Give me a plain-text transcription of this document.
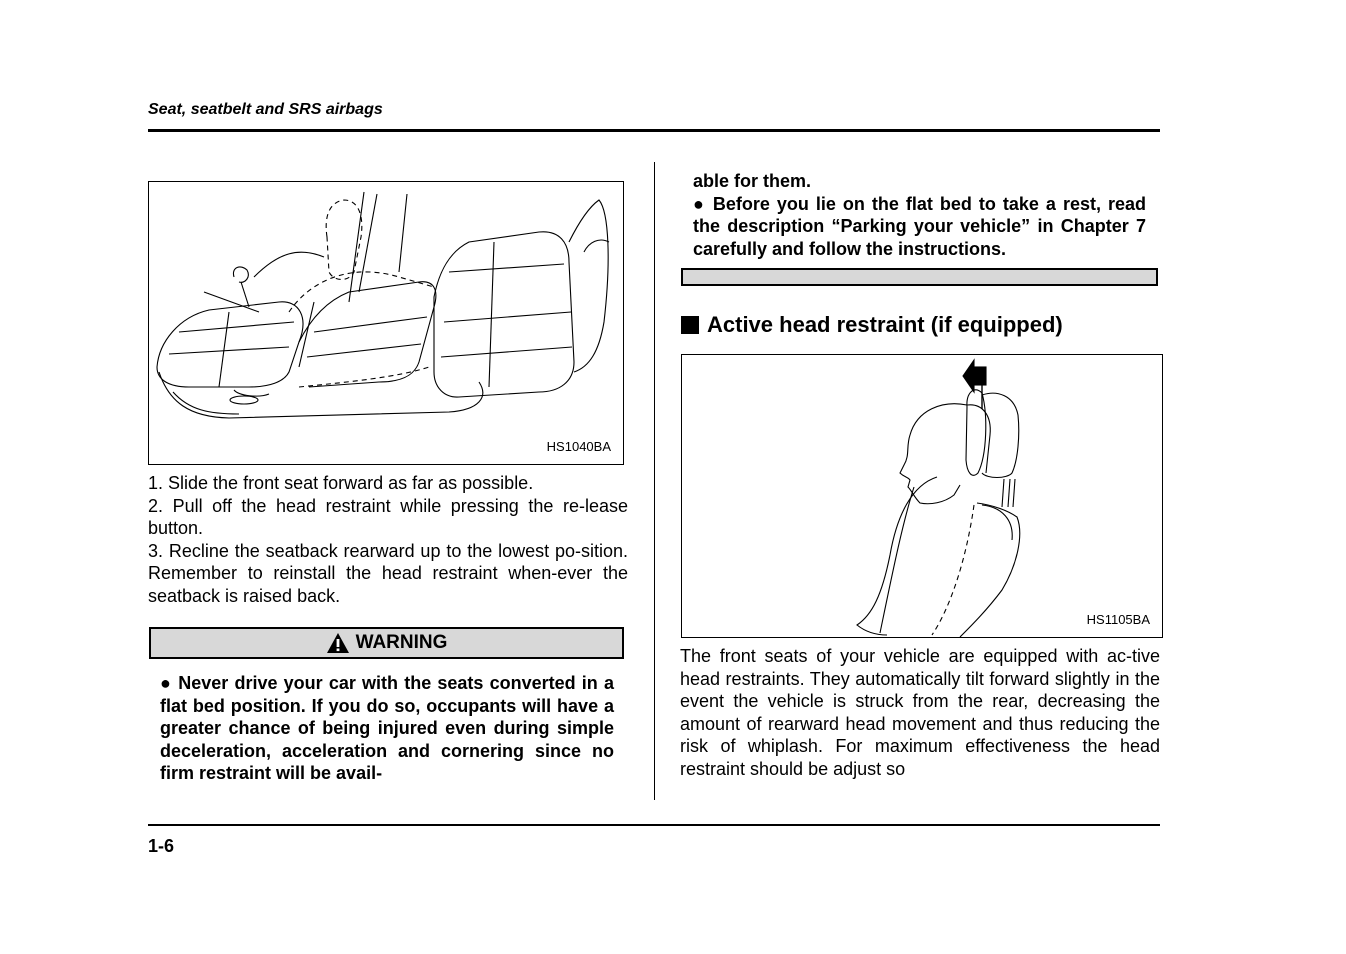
Seat, seatbelt and SRS airbags
HS1040BA

1. Slide the front seat forward as far as possible.

2. Pull off the head restraint while pressing the re-lease button.

3. Recline the seatback rearward up to the lowest po-sition. Remember to reinstall the head restraint when-ever the seatback is raised back.

WARNING
● Never drive your car with the seats converted in a flat bed position. If you do so, occupants will have a greater chance of being injured even during simple deceleration, acceleration and cornering since no firm restraint will be avail-
able for them.
● Before you lie on the flat bed to take a rest, read the description “Parking your vehicle” in Chapter 7 carefully and follow the instructions.
Active head restraint (if equipped)
HS1105BA
The front seats of your vehicle are equipped with ac-tive head restraints. They automatically tilt forward slightly in the event the vehicle is struck from the rear, decreasing the amount of rearward head movement and thus reducing the risk of whiplash. For maximum effectiveness the head restraint should be adjust so
1-6
